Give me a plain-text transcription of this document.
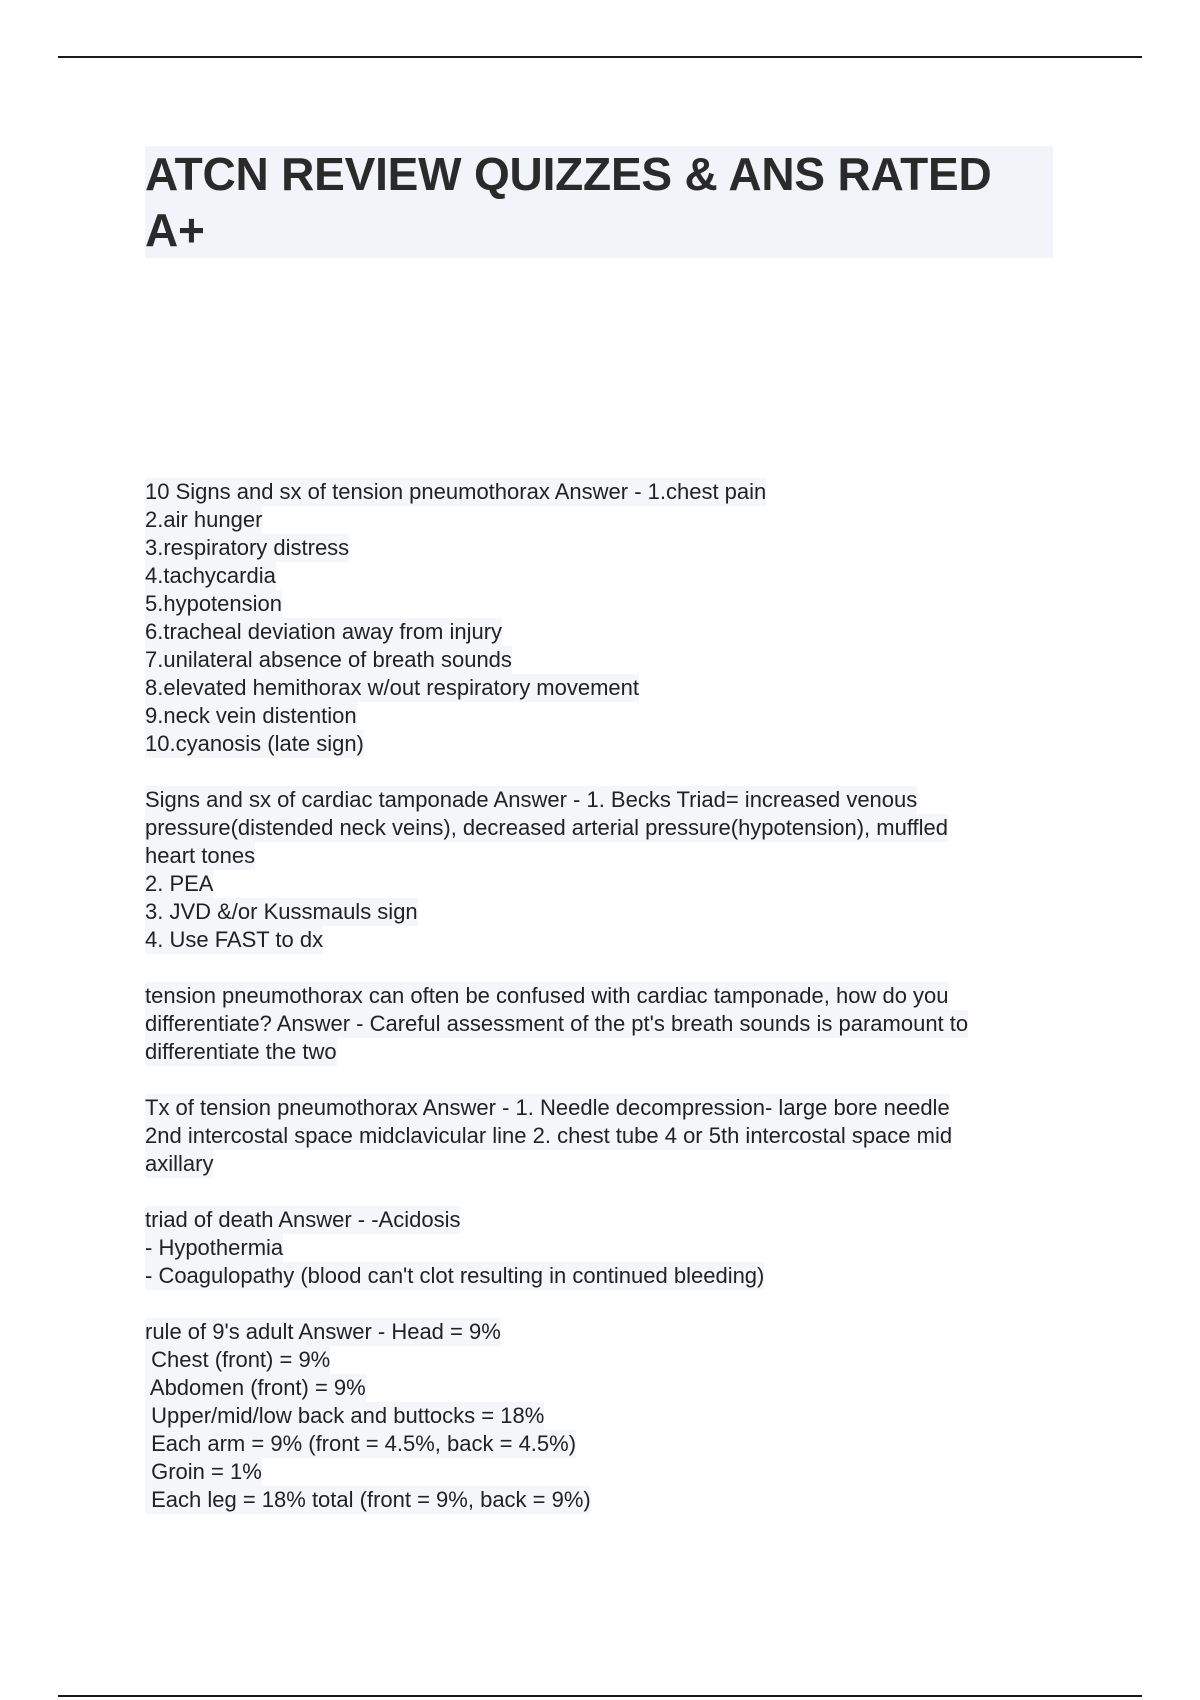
ATCN REVIEW QUIZZES & ANS RATED
A+
10 Signs and sx of tension pneumothorax Answer - 1.chest pain
2.air hunger
3.respiratory distress
4.tachycardia
5.hypotension
6.tracheal deviation away from injury
7.unilateral absence of breath sounds
8.elevated hemithorax w/out respiratory movement
9.neck vein distention
10.cyanosis (late sign)
Signs and sx of cardiac tamponade Answer - 1. Becks Triad= increased venous
pressure(distended neck veins), decreased arterial pressure(hypotension), muffled
heart tones
2. PEA
3. JVD &/or Kussmauls sign
4. Use FAST to dx
tension pneumothorax can often be confused with cardiac tamponade, how do you
differentiate? Answer - Careful assessment of the pt's breath sounds is paramount to
differentiate the two
Tx of tension pneumothorax Answer - 1. Needle decompression- large bore needle
2nd intercostal space midclavicular line 2. chest tube 4 or 5th intercostal space mid
axillary
triad of death Answer - -Acidosis
- Hypothermia
- Coagulopathy (blood can't clot resulting in continued bleeding)
rule of 9's adult Answer - Head = 9%
Chest (front) = 9%
Abdomen (front) = 9%
Upper/mid/low back and buttocks = 18%
Each arm = 9% (front = 4.5%, back = 4.5%)
Groin = 1%
Each leg = 18% total (front = 9%, back = 9%)
